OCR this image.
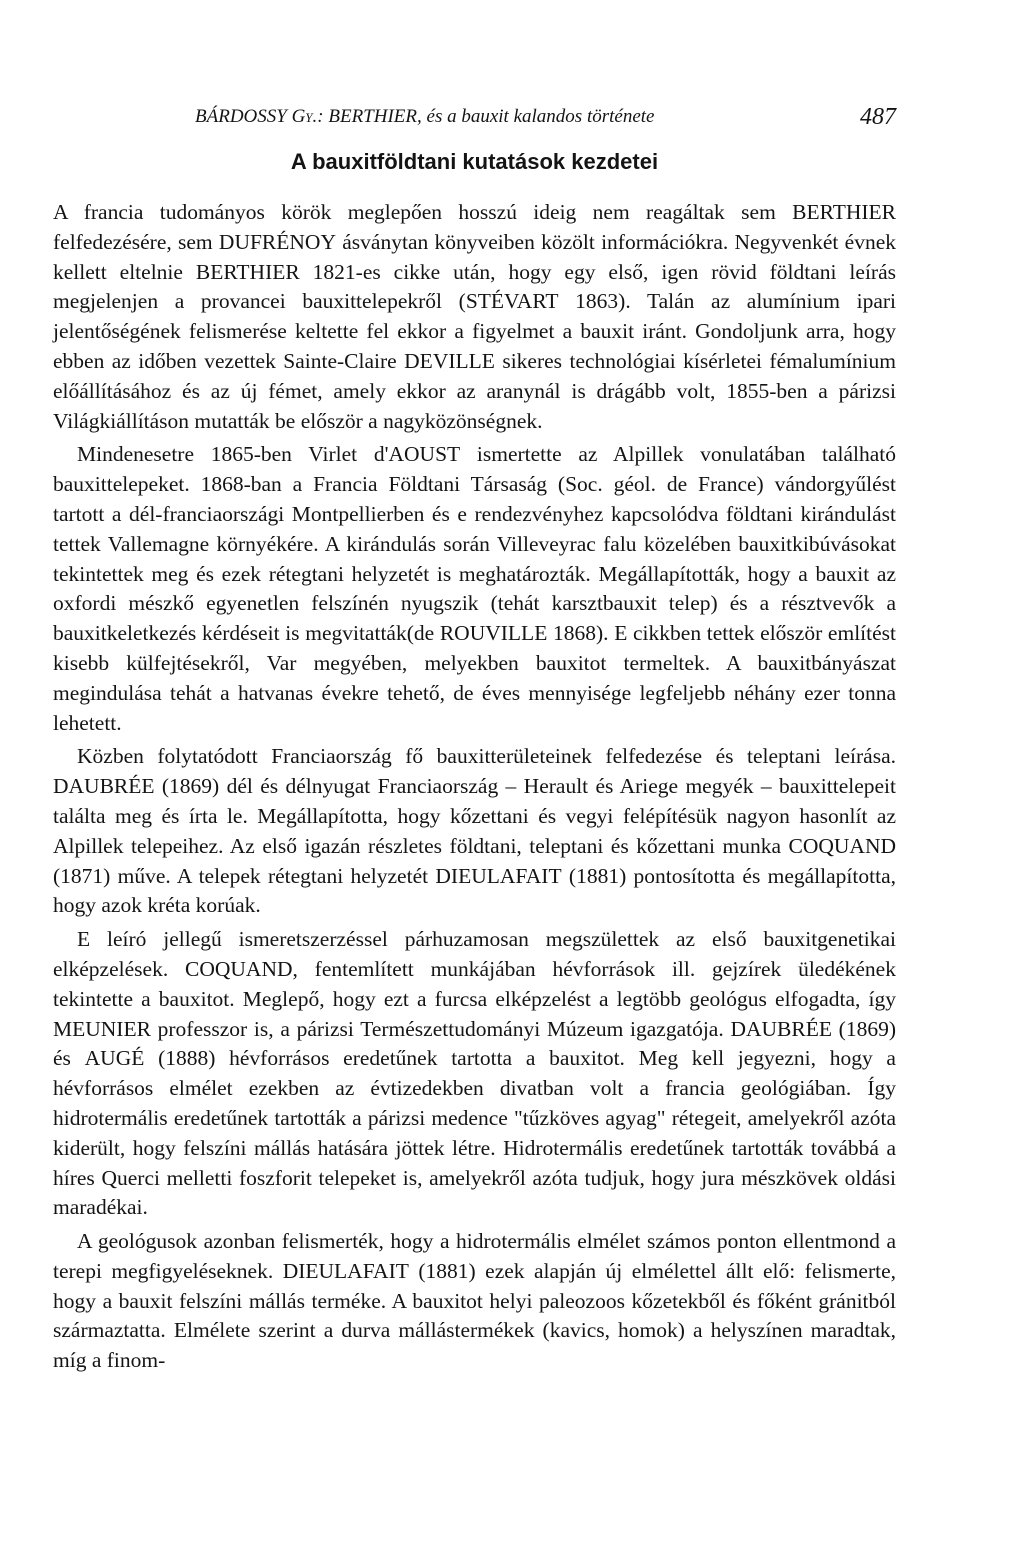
BÁRDOSSY Gy.: BERTHIER, és a bauxit kalandos története	487
A bauxitföldtani kutatások kezdetei

A francia tudományos körök meglepően hosszú ideig nem reagáltak sem BERTHIER felfedezésére, sem DUFRÉNOY ásványtan könyveiben közölt információkra. Negyvenkét évnek kellett eltelnie BERTHIER 1821-es cikke után, hogy egy első, igen rövid földtani leírás megjelenjen a provancei bauxittelepekről (STÉVART 1863). Talán az alumínium ipari jelentőségének felismerése keltette fel ekkor a figyelmet a bauxit iránt. Gondoljunk arra, hogy ebben az időben vezettek Sainte-Claire DEVILLE sikeres technológiai kísérletei fémalumínium előállításához és az új fémet, amely ekkor az aranynál is drágább volt, 1855-ben a párizsi Világkiállításon mutatták be először a nagyközönségnek.

Mindenesetre 1865-ben Virlet d'AOUST ismertette az Alpillek vonulatában található bauxittelepeket. 1868-ban a Francia Földtani Társaság (Soc. géol. de France) vándorgyűlést tartott a dél-franciaországi Montpellierben és e rendezvényhez kapcsolódva földtani kirándulást tettek Vallemagne környékére. A kirándulás során Villeveyrac falu közelében bauxitkibúvásokat tekintettek meg és ezek rétegtani helyzetét is meghatározták. Megállapították, hogy a bauxit az oxfordi mészkő egyenetlen felszínén nyugszik (tehát karsztbauxit telep) és a résztvevők a bauxitkeletkezés kérdéseit is megvitatták(de ROUVILLE 1868). E cikkben tettek először említést kisebb külfejtésekről, Var megyében, melyekben bauxitot termeltek. A bauxitbányászat megindulása tehát a hatvanas évekre tehető, de éves mennyisége legfeljebb néhány ezer tonna lehetett.

Közben folytatódott Franciaország fő bauxitterületeinek felfedezése és teleptani leírása. DAUBRÉE (1869) dél és délnyugat Franciaország – Herault és Ariege megyék – bauxittelepeit találta meg és írta le. Megállapította, hogy kőzettani és vegyi felépítésük nagyon hasonlít az Alpillek telepeihez. Az első igazán részletes földtani, teleptani és kőzettani munka COQUAND (1871) műve. A telepek rétegtani helyzetét DIEULAFAIT (1881) pontosította és megállapította, hogy azok kréta korúak.

E leíró jellegű ismeretszerzéssel párhuzamosan megszülettek az első bauxitgenetikai elképzelések. COQUAND, fentemlített munkájában hévforrások ill. gejzírek üledékének tekintette a bauxitot. Meglepő, hogy ezt a furcsa elképzelést a legtöbb geológus elfogadta, így MEUNIER professzor is, a párizsi Természettudományi Múzeum igazgatója. DAUBRÉE (1869) és AUGÉ (1888) hévforrásos eredetűnek tartotta a bauxitot. Meg kell jegyezni, hogy a hévforrásos elmélet ezekben az évtizedekben divatban volt a francia geológiában. Így hidrotermális eredetűnek tartották a párizsi medence "tűzköves agyag" rétegeit, amelyekről azóta kiderült, hogy felszíni mállás hatására jöttek létre. Hidrotermális eredetűnek tartották továbbá a híres Querci melletti foszforit telepeket is, amelyekről azóta tudjuk, hogy jura mészkövek oldási maradékai.

A geológusok azonban felismerték, hogy a hidrotermális elmélet számos ponton ellentmond a terepi megfigyeléseknek. DIEULAFAIT (1881) ezek alapján új elmélettel állt elő: felismerte, hogy a bauxit felszíni mállás terméke. A bauxitot helyi paleozoos kőzetekből és főként gránitból származtatta. Elmélete szerint a durva mállástermékek (kavics, homok) a helyszínen maradtak, míg a finom-
